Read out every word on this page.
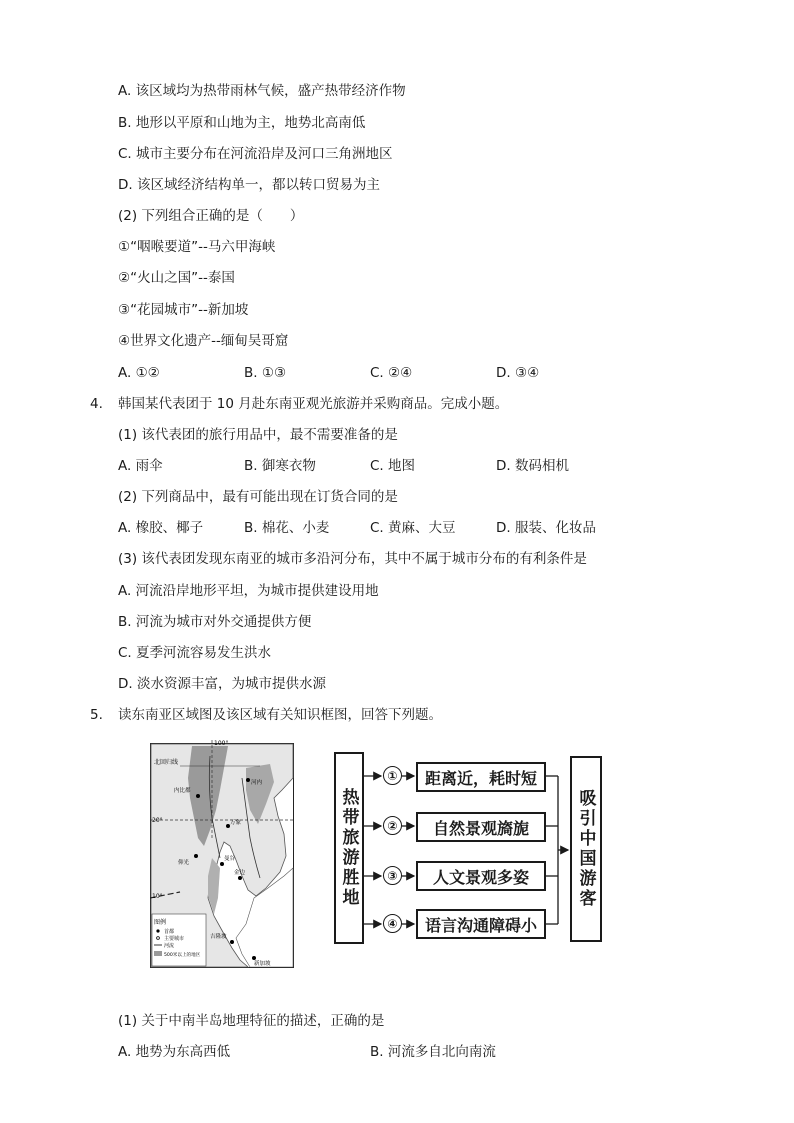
A. 该区域均为热带雨林气候，盛产热带经济作物
B. 地形以平原和山地为主，地势北高南低
C. 城市主要分布在河流沿岸及河口三角洲地区
D. 该区域经济结构单一，都以转口贸易为主
(2) 下列组合正确的是（　　）
①“咽喉要道”--马六甲海峡
②“火山之国”--泰国
③“花园城市”--新加坡
④世界文化遗产--缅甸吴哥窟
A. ①②	B. ①③	C. ②④	D. ③④
4. 韩国某代表团于 10 月赴东南亚观光旅游并采购商品。完成小题。
(1) 该代表团的旅行用品中，最不需要准备的是
A. 雨伞	B. 御寒衣物	C. 地图	D. 数码相机
(2) 下列商品中，最有可能出现在订货合同的是
A. 橡胶、椰子	B. 棉花、小麦	C. 黄麻、大豆	D. 服装、化妆品
(3) 该代表团发现东南亚的城市多沿河分布，其中不属于城市分布的有利条件是
A. 河流沿岸地形平坦，为城市提供建设用地
B. 河流为城市对外交通提供方便
C. 夏季河流容易发生洪水
D. 淡水资源丰富，为城市提供水源
5. 读东南亚区域图及该区域有关知识框图，回答下列题。
100°
20°
10°
北回归线
河内
内比都
万象
仰光
曼谷
金边
吉隆坡
新加坡
图例
首都
主要城市
河流
500米以上的地区
热带旅游胜地
①
②
③
④
距离近，耗时短
自然景观旖旎
人文景观多姿
语言沟通障碍小
吸引中国游客
(1) 关于中南半岛地理特征的描述，正确的是
A. 地势为东高西低	B. 河流多自北向南流
